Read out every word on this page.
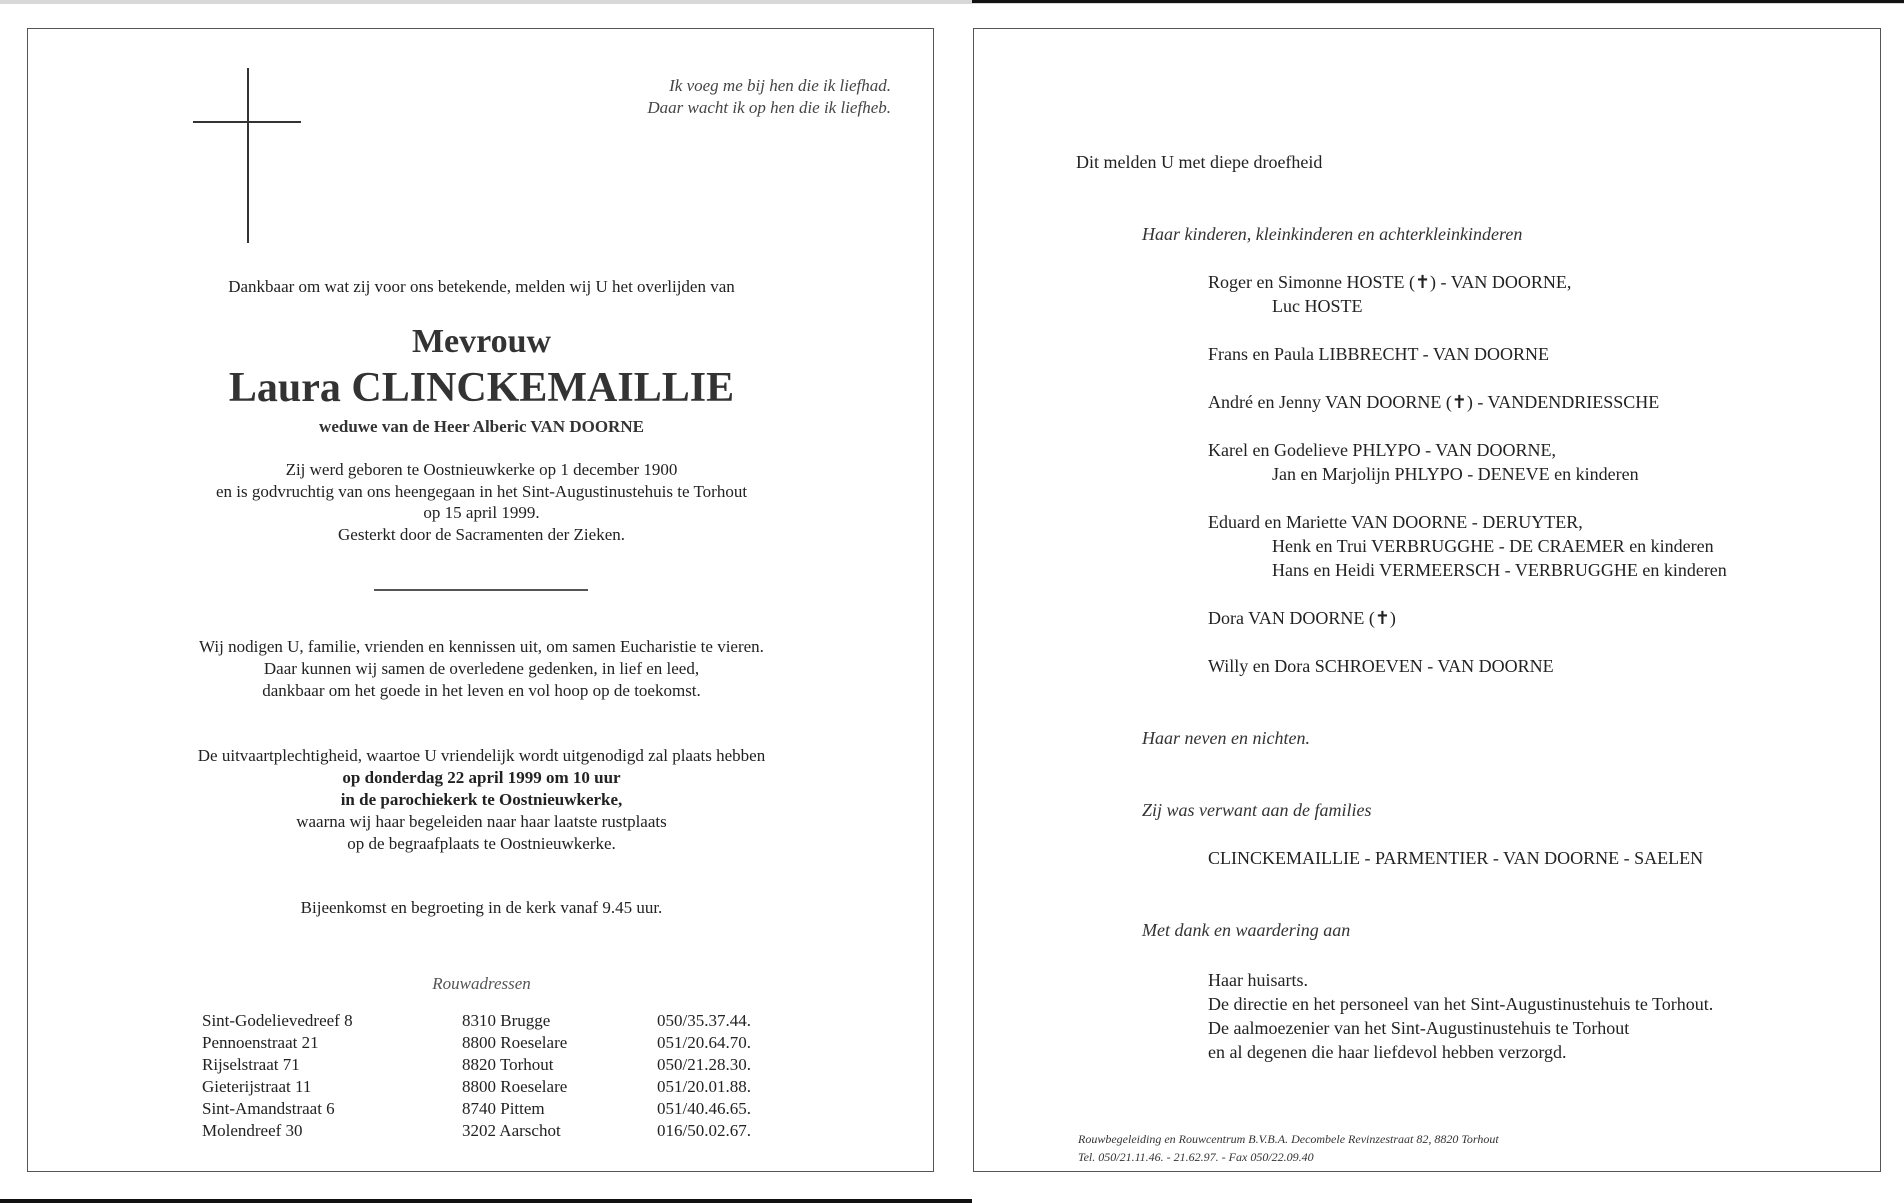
Ik voeg me bij hen die ik liefhad.
Daar wacht ik op hen die ik liefheb.
Dankbaar om wat zij voor ons betekende, melden wij U het overlijden van
Mevrouw
Laura CLINCKEMAILLIE
weduwe van de Heer Alberic VAN DOORNE
Zij werd geboren te Oostnieuwkerke op 1 december 1900
en is godvruchtig van ons heengegaan in het Sint-Augustinustehuis te Torhout
op 15 april 1999.
Gesterkt door de Sacramenten der Zieken.
Wij nodigen U, familie, vrienden en kennissen uit, om samen Eucharistie te vieren.
Daar kunnen wij samen de overledene gedenken, in lief en leed,
dankbaar om het goede in het leven en vol hoop op de toekomst.
De uitvaartplechtigheid, waartoe U vriendelijk wordt uitgenodigd zal plaats hebben
op donderdag 22 april 1999 om 10 uur
in de parochiekerk te Oostnieuwkerke,
waarna wij haar begeleiden naar haar laatste rustplaats
op de begraafplaats te Oostnieuwkerke.
Bijeenkomst en begroeting in de kerk vanaf 9.45 uur.
Rouwadressen
Sint-Godelievedreef 8	8310 Brugge	050/35.37.44.
Pennoenstraat 21	8800 Roeselare	051/20.64.70.
Rijselstraat 71	8820 Torhout	050/21.28.30.
Gieterijstraat 11	8800 Roeselare	051/20.01.88.
Sint-Amandstraat 6	8740 Pittem	051/40.46.65.
Molendreef 30	3202 Aarschot	016/50.02.67.
Dit melden U met diepe droefheid
Haar kinderen, kleinkinderen en achterkleinkinderen
Roger en Simonne HOSTE (✝) - VAN DOORNE,
Luc HOSTE
Frans en Paula LIBBRECHT - VAN DOORNE
André en Jenny VAN DOORNE (✝) - VANDENDRIESSCHE
Karel en Godelieve PHLYPO - VAN DOORNE,
Jan en Marjolijn PHLYPO - DENEVE en kinderen
Eduard en Mariette VAN DOORNE - DERUYTER,
Henk en Trui VERBRUGGHE - DE CRAEMER en kinderen
Hans en Heidi VERMEERSCH - VERBRUGGHE en kinderen
Dora VAN DOORNE (✝)
Willy en Dora SCHROEVEN - VAN DOORNE
Haar neven en nichten.
Zij was verwant aan de families
CLINCKEMAILLIE - PARMENTIER - VAN DOORNE - SAELEN
Met dank en waardering aan
Haar huisarts.
De directie en het personeel van het Sint-Augustinustehuis te Torhout.
De aalmoezenier van het Sint-Augustinustehuis te Torhout
en al degenen die haar liefdevol hebben verzorgd.
Rouwbegeleiding en Rouwcentrum B.V.B.A. Decombele Revinzestraat 82, 8820 Torhout
Tel. 050/21.11.46. - 21.62.97. - Fax 050/22.09.40
